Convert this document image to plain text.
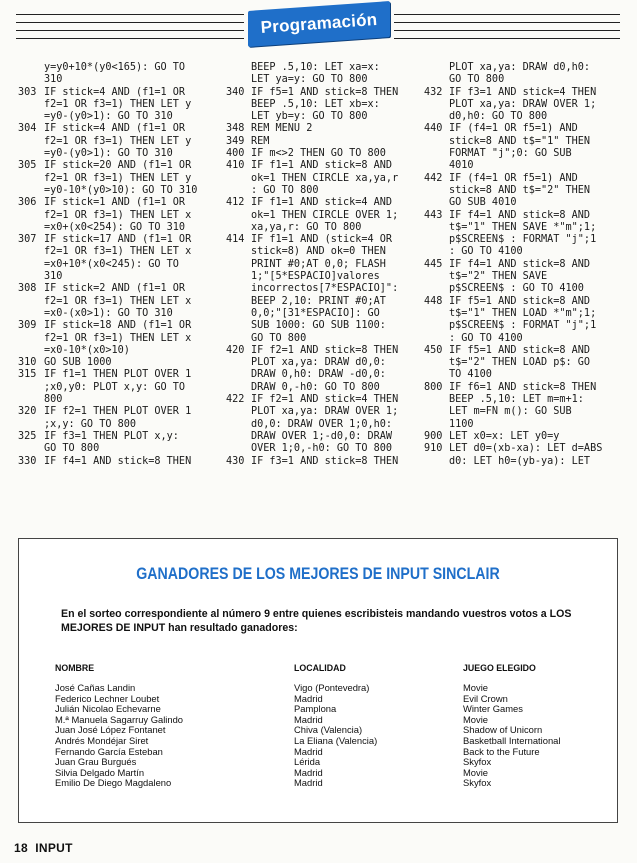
Programación
y=y0+10*(y0<165): GO TO
310
303 IF stick=4 AND (f1=1 OR
f2=1 OR f3=1) THEN LET y
=y0-(y0>1): GO TO 310
304 IF stick=4 AND (f1=1 OR
f2=1 OR f3=1) THEN LET y
=y0-(y0>1): GO TO 310
305 IF stick=20 AND (f1=1 OR
f2=1 OR f3=1) THEN LET y
=y0-10*(y0>10): GO TO 310
306 IF stick=1 AND (f1=1 OR
f2=1 OR f3=1) THEN LET x
=x0+(x0<254): GO TO 310
307 IF stick=17 AND (f1=1 OR
f2=1 OR f3=1) THEN LET x
=x0+10*(x0<245): GO TO
310
308 IF stick=2 AND (f1=1 OR
f2=1 OR f3=1) THEN LET x
=x0-(x0>1): GO TO 310
309 IF stick=18 AND (f1=1 OR
f2=1 OR f3=1) THEN LET x
=x0-10*(x0>10)
310 GO SUB 1000
315 IF f1=1 THEN PLOT OVER 1
;x0,y0: PLOT x,y: GO TO
800
320 IF f2=1 THEN PLOT OVER 1
;x,y: GO TO 800
325 IF f3=1 THEN PLOT x,y:
GO TO 800
330 IF f4=1 AND stick=8 THEN
BEEP .5,10: LET xa=x:
LET ya=y: GO TO 800
340 IF f5=1 AND stick=8 THEN
BEEP .5,10: LET xb=x:
LET yb=y: GO TO 800
348 REM MENU 2
349 REM
400 IF m<>2 THEN GO TO 800
410 IF f1=1 AND stick=8 AND
ok=1 THEN CIRCLE xa,ya,r
: GO TO 800
412 IF f1=1 AND stick=4 AND
ok=1 THEN CIRCLE OVER 1;
xa,ya,r: GO TO 800
414 IF f1=1 AND (stick=4 OR
stick=8) AND ok=0 THEN
PRINT #0;AT 0,0; FLASH
1;"[5*ESPACIO]valores
incorrectos[7*ESPACIO]":
BEEP 2,10: PRINT #0;AT
0,0;"[31*ESPACIO]: GO
SUB 1000: GO SUB 1100:
GO TO 800
420 IF f2=1 AND stick=8 THEN
PLOT xa,ya: DRAW d0,0:
DRAW 0,h0: DRAW -d0,0:
DRAW 0,-h0: GO TO 800
422 IF f2=1 AND stick=4 THEN
PLOT xa,ya: DRAW OVER 1;
d0,0: DRAW OVER 1;0,h0:
DRAW OVER 1;-d0,0: DRAW
OVER 1;0,-h0: GO TO 800
430 IF f3=1 AND stick=8 THEN
PLOT xa,ya: DRAW d0,h0:
GO TO 800
432 IF f3=1 AND stick=4 THEN
PLOT xa,ya: DRAW OVER 1;
d0,h0: GO TO 800
440 IF (f4=1 OR f5=1) AND
stick=8 AND t$="1" THEN
FORMAT "j";0: GO SUB
4010
442 IF (f4=1 OR f5=1) AND
stick=8 AND t$="2" THEN
GO SUB 4010
443 IF f4=1 AND stick=8 AND
t$="1" THEN SAVE *"m";1;
p$SCREEN$ : FORMAT "j";1
: GO TO 4100
445 IF f4=1 AND stick=8 AND
t$="2" THEN SAVE
p$SCREEN$ : GO TO 4100
448 IF f5=1 AND stick=8 AND
t$="1" THEN LOAD *"m";1;
p$SCREEN$ : FORMAT "j";1
: GO TO 4100
450 IF f5=1 AND stick=8 AND
t$="2" THEN LOAD p$: GO
TO 4100
800 IF f6=1 AND stick=8 THEN
BEEP .5,10: LET m=m+1:
LET m=FN m(): GO SUB
1100
900 LET x0=x: LET y0=y
910 LET d0=(xb-xa): LET d=ABS
d0: LET h0=(yb-ya): LET
GANADORES DE LOS MEJORES DE INPUT SINCLAIR
En el sorteo correspondiente al número 9 entre quienes escribisteis mandando vuestros votos a LOS MEJORES DE INPUT han resultado ganadores:
NOMBRE	LOCALIDAD	JUEGO ELEGIDO
José Cañas Landin
Federico Lechner Loubet
Julián Nicolao Echevarne
M.ª Manuela Sagarruy Galindo
Juan José López Fontanet
Andrés Mondéjar Siret
Fernando García Esteban
Juan Grau Burgués
Silvia Delgado Martín
Emilio De Diego Magdaleno
Vigo (Pontevedra)
Madrid
Pamplona
Madrid
Chiva (Valencia)
La Eliana (Valencia)
Madrid
Lérida
Madrid
Madrid
Movie
Evil Crown
Winter Games
Movie
Shadow of Unicorn
Basketball International
Back to the Future
Skyfox
Movie
Skyfox
18 INPUT
